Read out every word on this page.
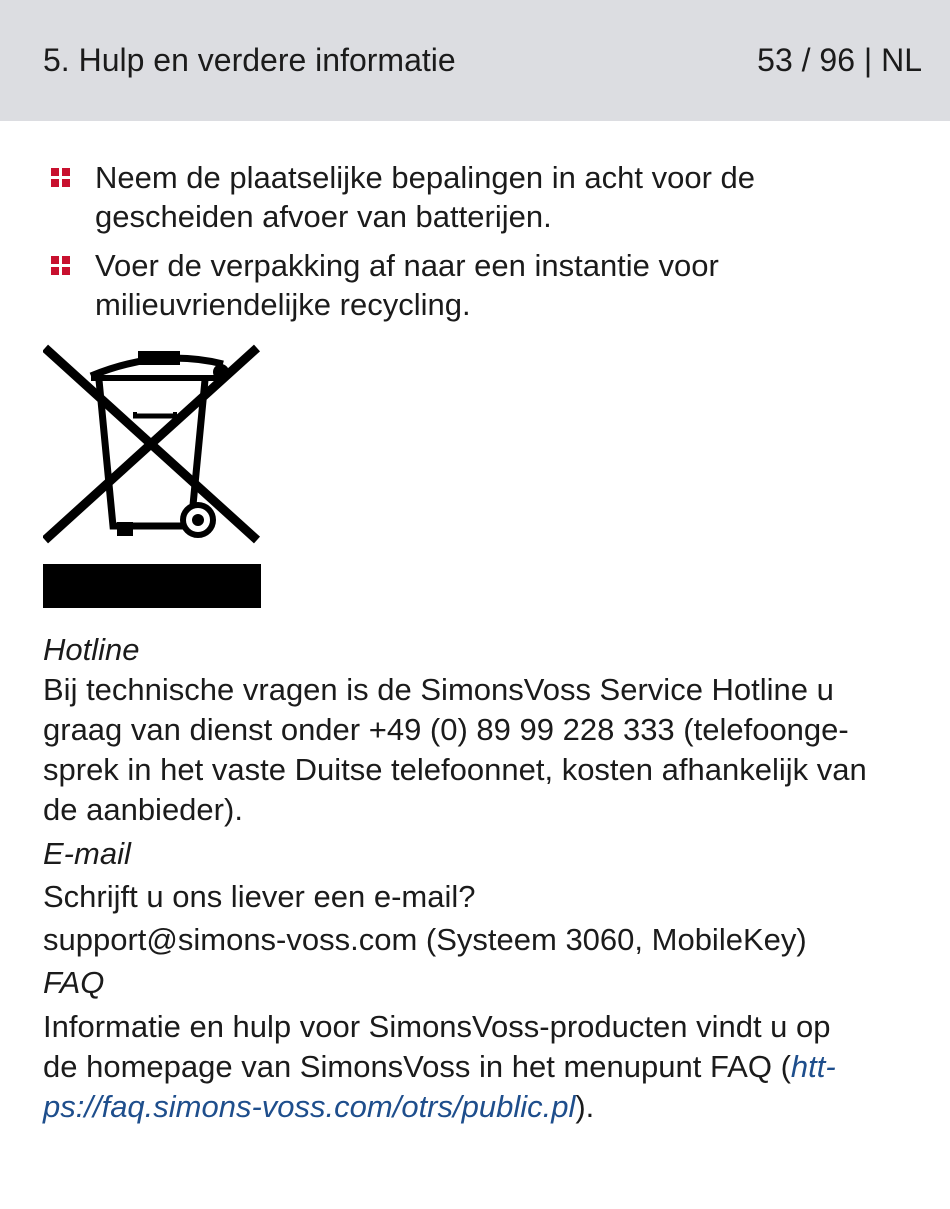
5. Hulp en verdere informatie	53 / 96 | NL
Neem de plaatselijke bepalingen in acht voor de
gescheiden afvoer van batterijen.
Voer de verpakking af naar een instantie voor
milieuvriendelijke recycling.
Hotline
Bij technische vragen is de SimonsVoss Service Hotline u
graag van dienst onder +49 (0) 89 99 228 333 (telefoonge-
sprek in het vaste Duitse telefoonnet, kosten afhankelijk van
de aanbieder).
E-mail
Schrijft u ons liever een e-mail?
support@simons-voss.com (Systeem 3060, MobileKey)
FAQ
Informatie en hulp voor SimonsVoss-producten vindt u op
de homepage van SimonsVoss in het menupunt FAQ (htt-
ps://faq.simons-voss.com/otrs/public.pl).
